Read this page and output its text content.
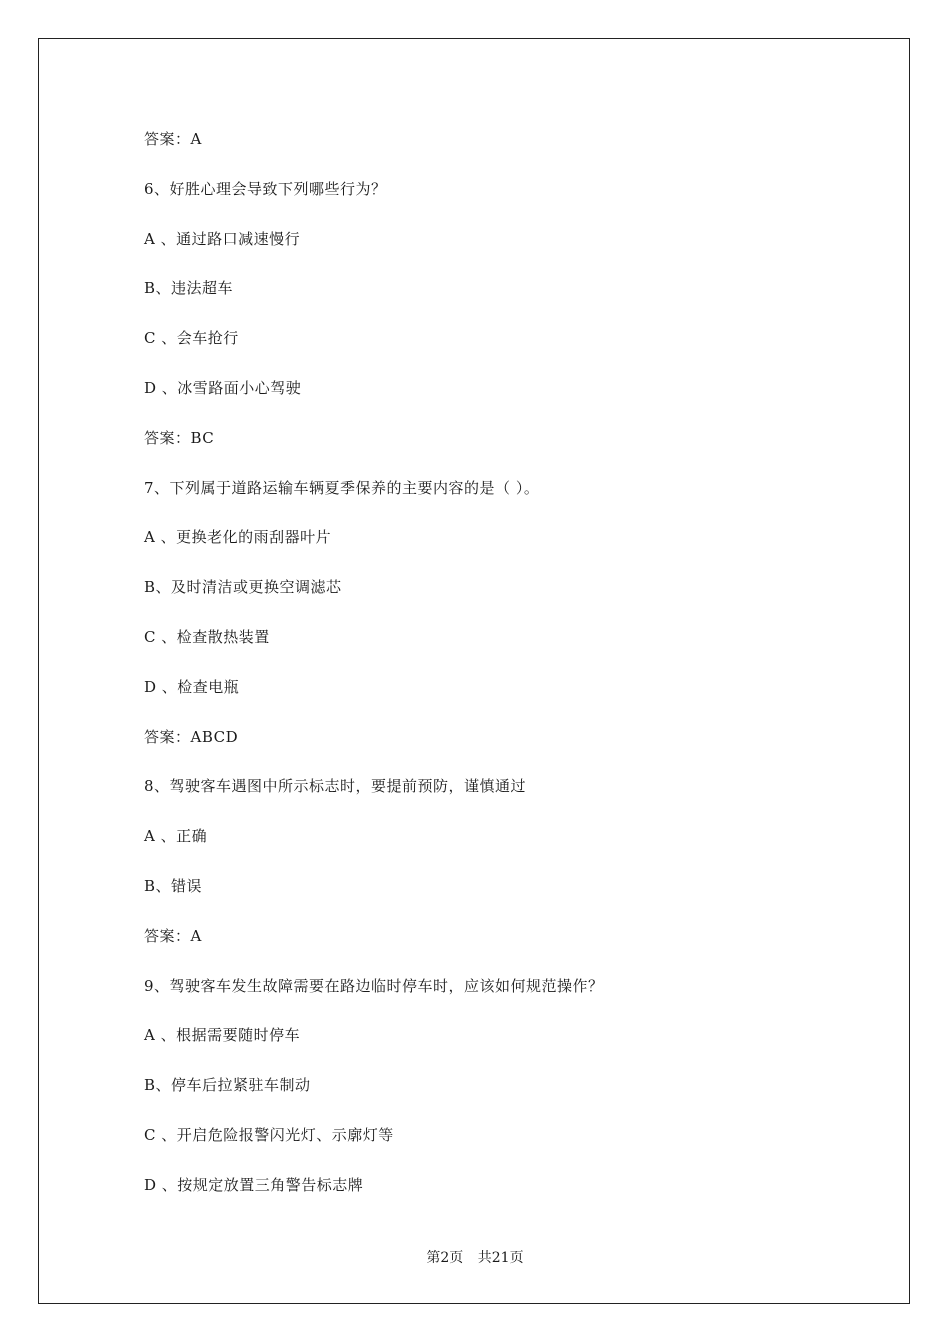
答案：A
6、好胜心理会导致下列哪些行为？
A 、通过路口减速慢行
B、违法超车
C 、会车抢行
D 、冰雪路面小心驾驶
答案：BC
7、下列属于道路运输车辆夏季保养的主要内容的是（ ）。
A 、更换老化的雨刮器叶片
B、及时清洁或更换空调滤芯
C 、检查散热装置
D 、检查电瓶
答案：ABCD
8、驾驶客车遇图中所示标志时，要提前预防，谨慎通过
A 、正确
B、错误
答案：A
9、驾驶客车发生故障需要在路边临时停车时，应该如何规范操作？
A 、根据需要随时停车
B、停车后拉紧驻车制动
C 、开启危险报警闪光灯、示廓灯等
D 、按规定放置三角警告标志牌
第2页 共21页
